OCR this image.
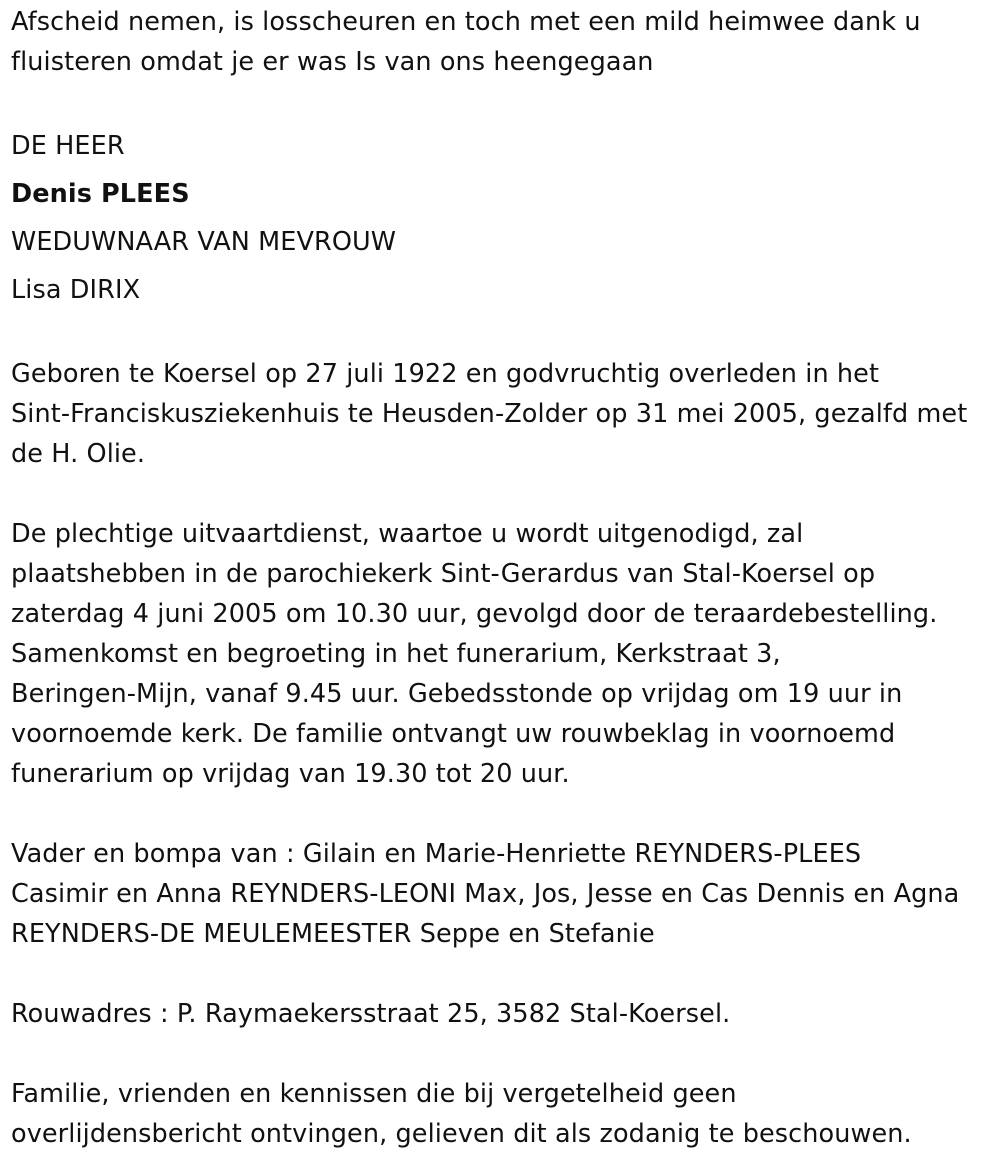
Afscheid nemen, is losscheuren en toch met een mild heimwee dank u

fluisteren omdat je er was Is van ons heengegaan

DE HEER

Denis PLEES

WEDUWNAAR VAN MEVROUW

Lisa DIRIX

Geboren te Koersel op 27 juli 1922 en godvruchtig overleden in het

Sint-Franciskusziekenhuis te Heusden-Zolder op 31 mei 2005, gezalfd met

de H. Olie.

De plechtige uitvaartdienst, waartoe u wordt uitgenodigd, zal

plaatshebben in de parochiekerk Sint-Gerardus van Stal-Koersel op

zaterdag 4 juni 2005 om 10.30 uur, gevolgd door de teraardebestelling.

Samenkomst en begroeting in het funerarium, Kerkstraat 3,

Beringen-Mijn, vanaf 9.45 uur. Gebedsstonde op vrijdag om 19 uur in

voornoemde kerk. De familie ontvangt uw rouwbeklag in voornoemd

funerarium op vrijdag van 19.30 tot 20 uur.

Vader en bompa van : Gilain en Marie-Henriette REYNDERS-PLEES

Casimir en Anna REYNDERS-LEONI Max, Jos, Jesse en Cas Dennis en Agna

REYNDERS-DE MEULEMEESTER Seppe en Stefanie

Rouwadres : P. Raymaekersstraat 25, 3582 Stal-Koersel.

Familie, vrienden en kennissen die bij vergetelheid geen

overlijdensbericht ontvingen, gelieven dit als zodanig te beschouwen.
